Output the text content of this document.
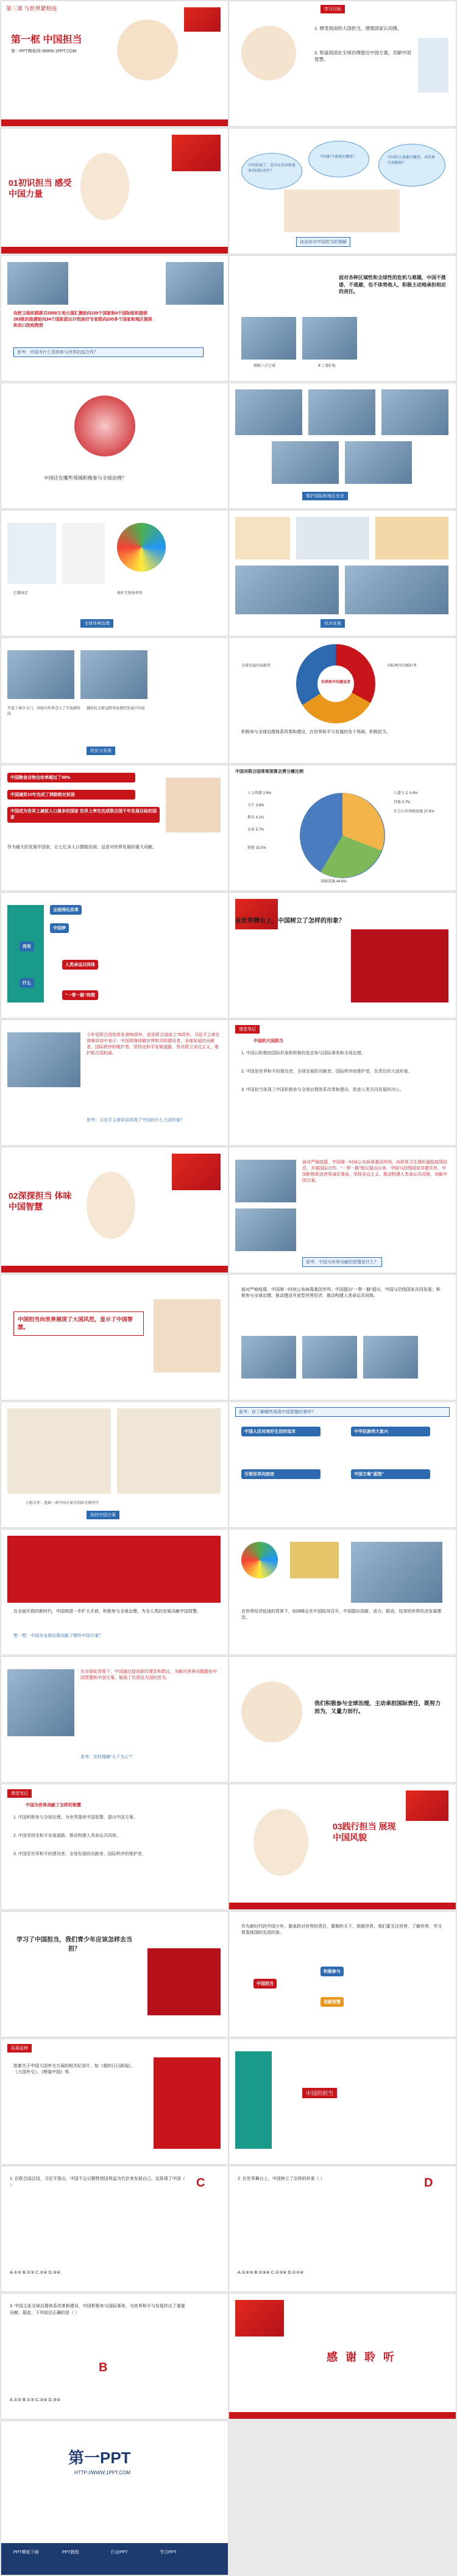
第三课 与世界紧相连
第一框 中国担当
第一PPT模板网-WWW.1PPT.COM
学习目标
1. 感受我国的大国担当，增强国家认同感。
2. 知道我国在全球治理提出中国方案，贡献中国智慧。
01初识担当 感受中国力量
中国发展了，是否应该承担更多的国际责任？
中国担当体现在哪里？	中国的力量源自哪里，对世界有何影响？
谈谈你对中国担当的理解
向世卫组织捐款共5000万美元现汇援助向150个国家和4个国际组织提供283批抗疫援助向34个国家派出37批医疗专家组向200多个国家和地区提供和出口防疫物资
思考：中国为什么坚持参与世界抗疫合作？
面对各种区域性和全球性的危机与难题，中国不推诿、不逃避，也不体势他人，积极主动地承担相应的责任。
朝鲜六方会谈	亚丁湾护航
中国还在哪些领域积极参与全球治理？
维护国际和地区安全
巴黎协定	保护生物多样性
全球环境治理	经济发展
开放了城市大门，对航向世界迈入了开放新阶段
援助抗击新冠肺炎疫情的发展中国家
扶贫与发展
世界和平的建设者
全球发展的贡献者	国际秩序的维护者
积极参与全球治理体系改革和建设，在世界和平与发展的各个领域，积极担当。
中国粮食谷物自给率超过了98%
中国减贫10年完成了消除绝对贫困
中国成为世界上减贫人口最多的国家 世界上率先完成联合国千年发展目标的国家
作为最大的发展中国家，让七亿多人口摆脱贫困，这是对世界发展的重大贡献。
中国对联合国常规预算会费分摊比例
人力资源 2.6%
卫生 3.6%
教育 4.1%
农业 5.7%
物资 15.0%
基础设施 44.8%
社会公共基础设施 27.6%
人道主义 0.4%
其他 0.7%
全面深化改革
中国梦
没有
人类命运共同体
什么
“一带一路”构想
在世界舞台上，中国树立了怎样的形象？
今年是联合国宪章发表55周年，也是联合国成立75周年。习近平主席在视频讲话中表示：中国将继续做世界和平的建设者、全球发展的贡献者、国际秩序的维护者，坚持走和平发展道路，坚决捍卫多边主义，维护联合国权威。
思考：习近平主席讲话体现了中国的什么大国形象？
课堂笔记
中国的大国担当
1. 中国以积极的国际形象和积极的姿态参与国际事务和全球治理。
2. 中国是世界和平的建设者、全球发展的贡献者、国际秩序的维护者，负责任的大国形象。
3. 中国担当体现了中国积极参与全球治理体系改革和建设，促进人类共同发展的决心。
02深探担当 体味中国智慧
面对严峻疫情，中国第一时间公布病毒基因序列，向世界卫生组织通报疫情信息，开展国际合作。“一带一路”倡议提出以来，中国与沿线国家共建共享。中国积极促进世界减贫事业，坚持多边主义，推动构建人类命运共同体，贡献中国方案。
思考：中国为世界贡献的智慧是什么？
中国担当向世界展现了大国风范，显示了中国智慧。
面对严峻疫情，中国第一时间公布病毒基因序列。中国提出“一带一路”倡议，中国与沿线国家共同发展；积极参与全球治理，推动建设开放型世界经济，推动构建人类命运共同体。
小组合作：选择一项中国方案介绍给全班同学
你的中国方案
思考：你了解哪些体现中国智慧的事件？
中国人民对美好生活的追求	中华民族伟大复兴
引领世界向前进	中国方案“蓝图”
在全面开放的新时代，中国将进一步扩大开放，积极参与全球治理，为全人类的发展贡献中国智慧。
想一想：中国为全球治理贡献了哪些中国方案？
在世界经济低迷的背景下，G20峰会在中国杭州召开，中国提出创新、活力、联动、包容的世界经济发展理念。
在全球化背景下，中国通过提出新的理念和倡议，为解决世界问题提供中国智慧和中国方案，展现了负责任大国的担当。
思考：怎样理解“天下为公”？
我们积极参与全球治理，主动承担国际责任，既努力而为，又量力而行。
课堂笔记
中国为世界贡献了怎样的智慧
1. 中国积极参与全球治理，为世界提供中国智慧，提出中国方案。
2. 中国坚持走和平发展道路，推动构建人类命运共同体。
3. 中国是世界和平的建设者、全球发展的贡献者、国际秩序的维护者。
03践行担当 展现中国风貌
学习了中国担当，我们青少年应该怎样去当担？
作为新时代的中国少年，要承担对世界的责任，要胸怀天下，放眼世界。我们要关注世界，了解世界，学习借鉴他国的先进经验。
中国担当
积极参与
贡献智慧
拓展延伸
指着关于中国大国外交方面的相关纪录片，如《我的日日新闻》、《大国外交》、《辉煌中国》等。
中国的担当
1. 在联合国总结，习近平指出，中国不会以牺牲别国利益为代价来发展自己。这体现了中国（ ）
A.①② B.①③ C.②④ D.③④
C	2. 在世界舞台上，中国树立了怎样的形象（ ）
A.①②③ B.②③④ C.①③④ D.①②④
D
3. 中国主张全球治理体系改革和建设，中国积极参与国际事务，为世界和平与发展作出了重要贡献。据此，下列说法正确的是（ ）
A.①② B.①③ C.②④ D.③④
B
感 谢 聆 听
第一PPT
HTTP://WWW.1PPT.COM
PPT模板下载	PPT教程	行业PPT	节日PPT
